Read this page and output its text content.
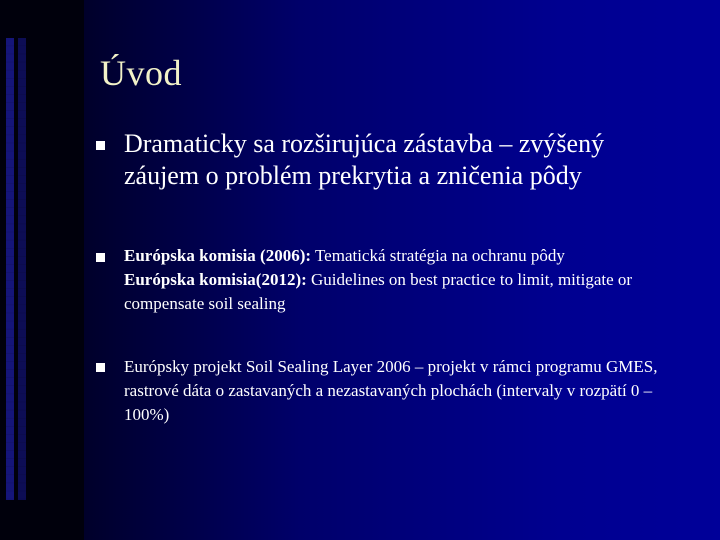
Úvod
Dramaticky sa rozširujúca zástavba – zvýšený záujem o problém prekrytia a zničenia pôdy
Európska komisia (2006): Tematická stratégia na ochranu pôdy
Európska komisia(2012): Guidelines on best practice to limit, mitigate or compensate soil sealing
Európsky projekt Soil Sealing Layer 2006 – projekt v rámci programu GMES, rastrové dáta o zastavaných a nezastavaných plochách (intervaly v rozpätí 0 – 100%)
